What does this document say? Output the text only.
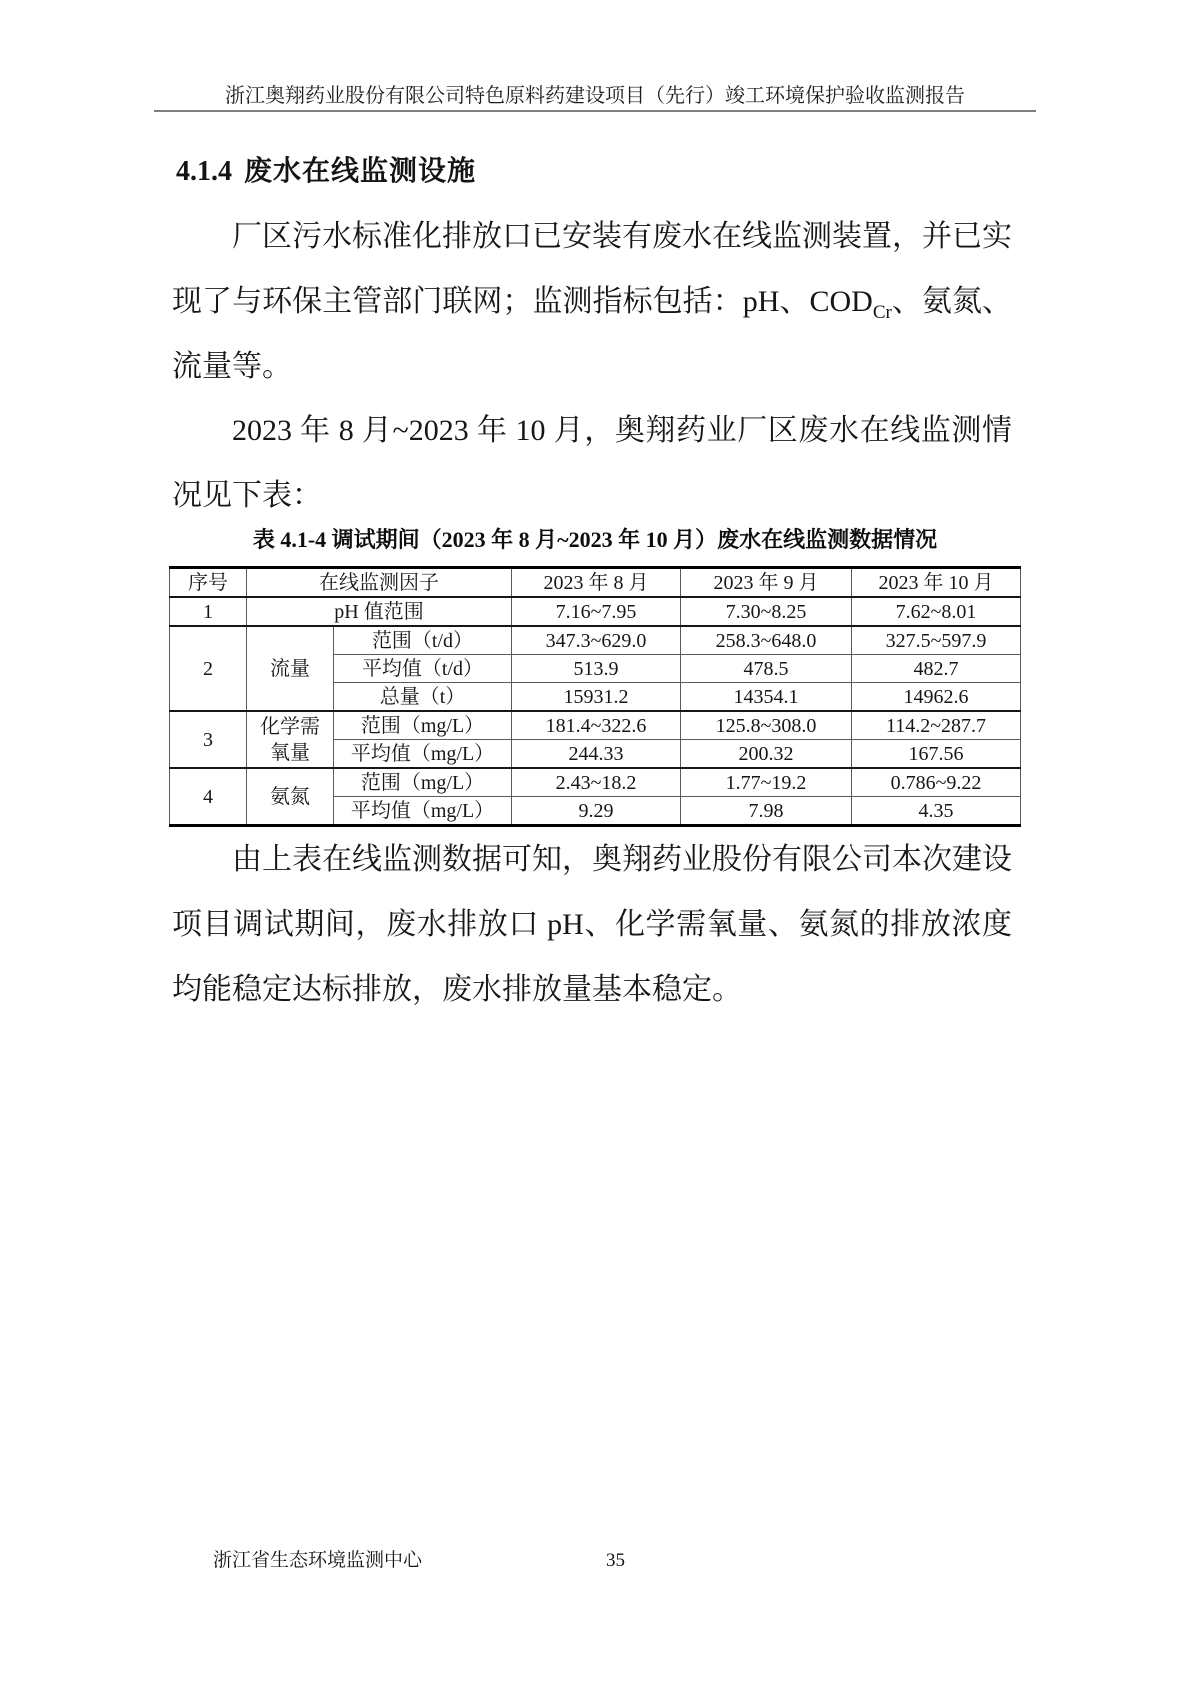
浙江奥翔药业股份有限公司特色原料药建设项目（先行）竣工环境保护验收监测报告
4.1.4 废水在线监测设施
厂区污水标准化排放口已安装有废水在线监测装置，并已实现了与环保主管部门联网；监测指标包括：pH、$COD_{Cr}$、氨氮、流量等。
2023 年 8 月~2023 年 10 月，奥翔药业厂区废水在线监测情况见下表：
表 4.1-4 调试期间（2023 年 8 月~2023 年 10 月）废水在线监测数据情况
序号	在线监测因子		2023 年 8 月	2023 年 9 月	2023 年 10 月
1	pH 值范围		7.16~7.95	7.30~8.25	7.62~8.01
2	流量	范围（t/d）	347.3~629.0	258.3~648.0	327.5~597.9
		平均值（t/d）	513.9	478.5	482.7
		总量（t）	15931.2	14354.1	14962.6
3	化学需氧量	范围（mg/L）	181.4~322.6	125.8~308.0	114.2~287.7
		平均值（mg/L）	244.33	200.32	167.56
4	氨氮	范围（mg/L）	2.43~18.2	1.77~19.2	0.786~9.22
		平均值（mg/L）	9.29	7.98	4.35
由上表在线监测数据可知，奥翔药业股份有限公司本次建设项目调试期间，废水排放口 pH、化学需氧量、氨氮的排放浓度均能稳定达标排放，废水排放量基本稳定。
浙江省生态环境监测中心	35
